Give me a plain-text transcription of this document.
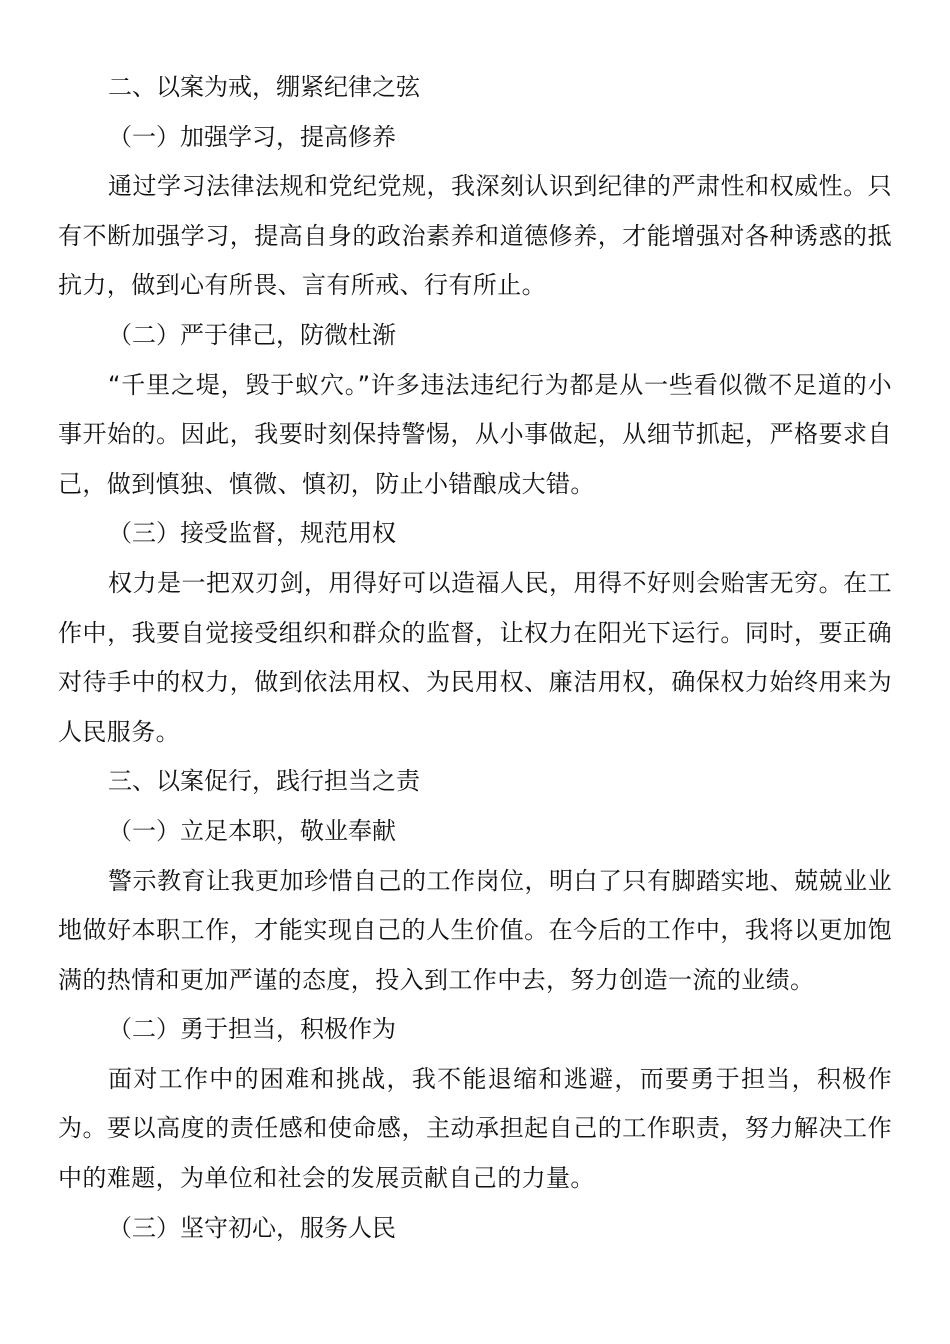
二、以案为戒，绷紧纪律之弦
（一）加强学习，提高修养

通过学习法律法规和党纪党规，我深刻认识到纪律的严肃性和权威性。只有不断加强学习，提高自身的政治素养和道德修养，才能增强对各种诱惑的抵抗力，做到心有所畏、言有所戒、行有所止。

（二）严于律己，防微杜渐

“千里之堤，毁于蚁穴。”许多违法违纪行为都是从一些看似微不足道的小事开始的。因此，我要时刻保持警惕，从小事做起，从细节抓起，严格要求自己，做到慎独、慎微、慎初，防止小错酿成大错。

（三）接受监督，规范用权

权力是一把双刃剑，用得好可以造福人民，用得不好则会贻害无穷。在工作中，我要自觉接受组织和群众的监督，让权力在阳光下运行。同时，要正确对待手中的权力，做到依法用权、为民用权、廉洁用权，确保权力始终用来为人民服务。

三、以案促行，践行担当之责
（一）立足本职，敬业奉献

警示教育让我更加珍惜自己的工作岗位，明白了只有脚踏实地、兢兢业业地做好本职工作，才能实现自己的人生价值。在今后的工作中，我将以更加饱满的热情和更加严谨的态度，投入到工作中去，努力创造一流的业绩。

（二）勇于担当，积极作为

面对工作中的困难和挑战，我不能退缩和逃避，而要勇于担当，积极作为。要以高度的责任感和使命感，主动承担起自己的工作职责，努力解决工作中的难题，为单位和社会的发展贡献自己的力量。

（三）坚守初心，服务人民
